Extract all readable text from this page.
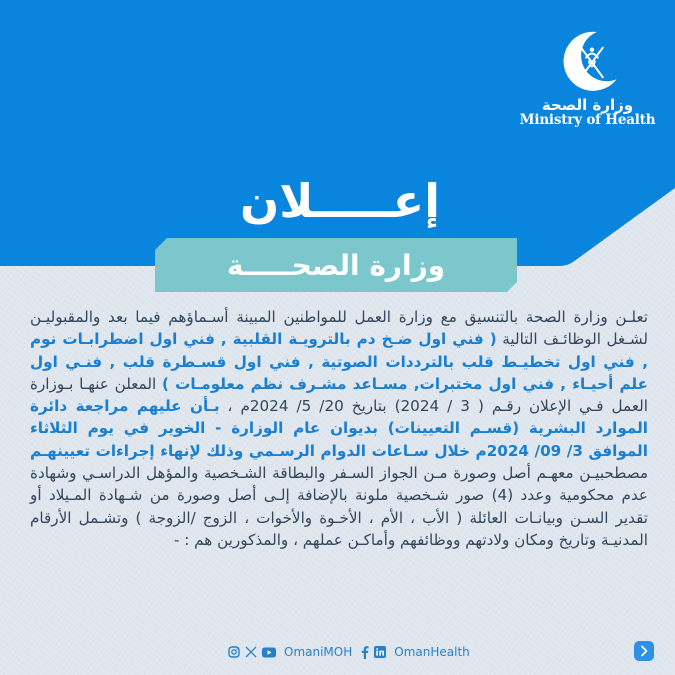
وزارة الصحة
Ministry of Health
إعـــــلان
وزارة الصحـــــة
تعلـن وزارة الصحة بالتنسيق مع وزارة العمل للمواطنين المبينة أسـماؤهم فيما بعد والمقبوليـن لشـغل الوظائـف التالية ( فني اول ضـخ دم بالترويـة القلبية , فني اول اضطرابـات نوم , فني اول تخطيـط قلب بالترددات الصوتية , فني اول قسـطرة قلب , فنـي اول علم أحيـاء , فني اول مختبرات, مسـاعد مشـرف نظم معلومـات ) المعلن عنهـا بـوزارة العمل فـي الإعلان رقـم ( 3 / 2024) بتاريخ 20/ 5/ 2024م ، بـأن عليهم مراجعة دائرة الموارد البشرية (قسـم التعيينات) بديوان عام الوزارة - الخوير في يوم الثلاثاء الموافق 3/ 09/ 2024م خلال سـاعات الدوام الرسـمي وذلك لإنهاء إجراءات تعيينهـم مصطحبيـن معهـم أصل وصورة مـن الجواز السـفر والبطاقة الشـخصية والمؤهل الدراسـي وشهادة عدم محكومية وعدد (4) صور شـخصية ملونة بالإضافة إلـى أصل وصورة من شـهادة المـيلاد أو تقدير السـن وبيانـات العائلة ( الأب ، الأم ، الأخـوة والأخوات ، الزوج /الزوجة ) وتشـمل الأرقام المدنيـة وتاريخ ومكان ولادتهم ووظائفهم وأماكـن عملهم ، والمذكورين هم : -
OmaniMOH	OmanHealth
